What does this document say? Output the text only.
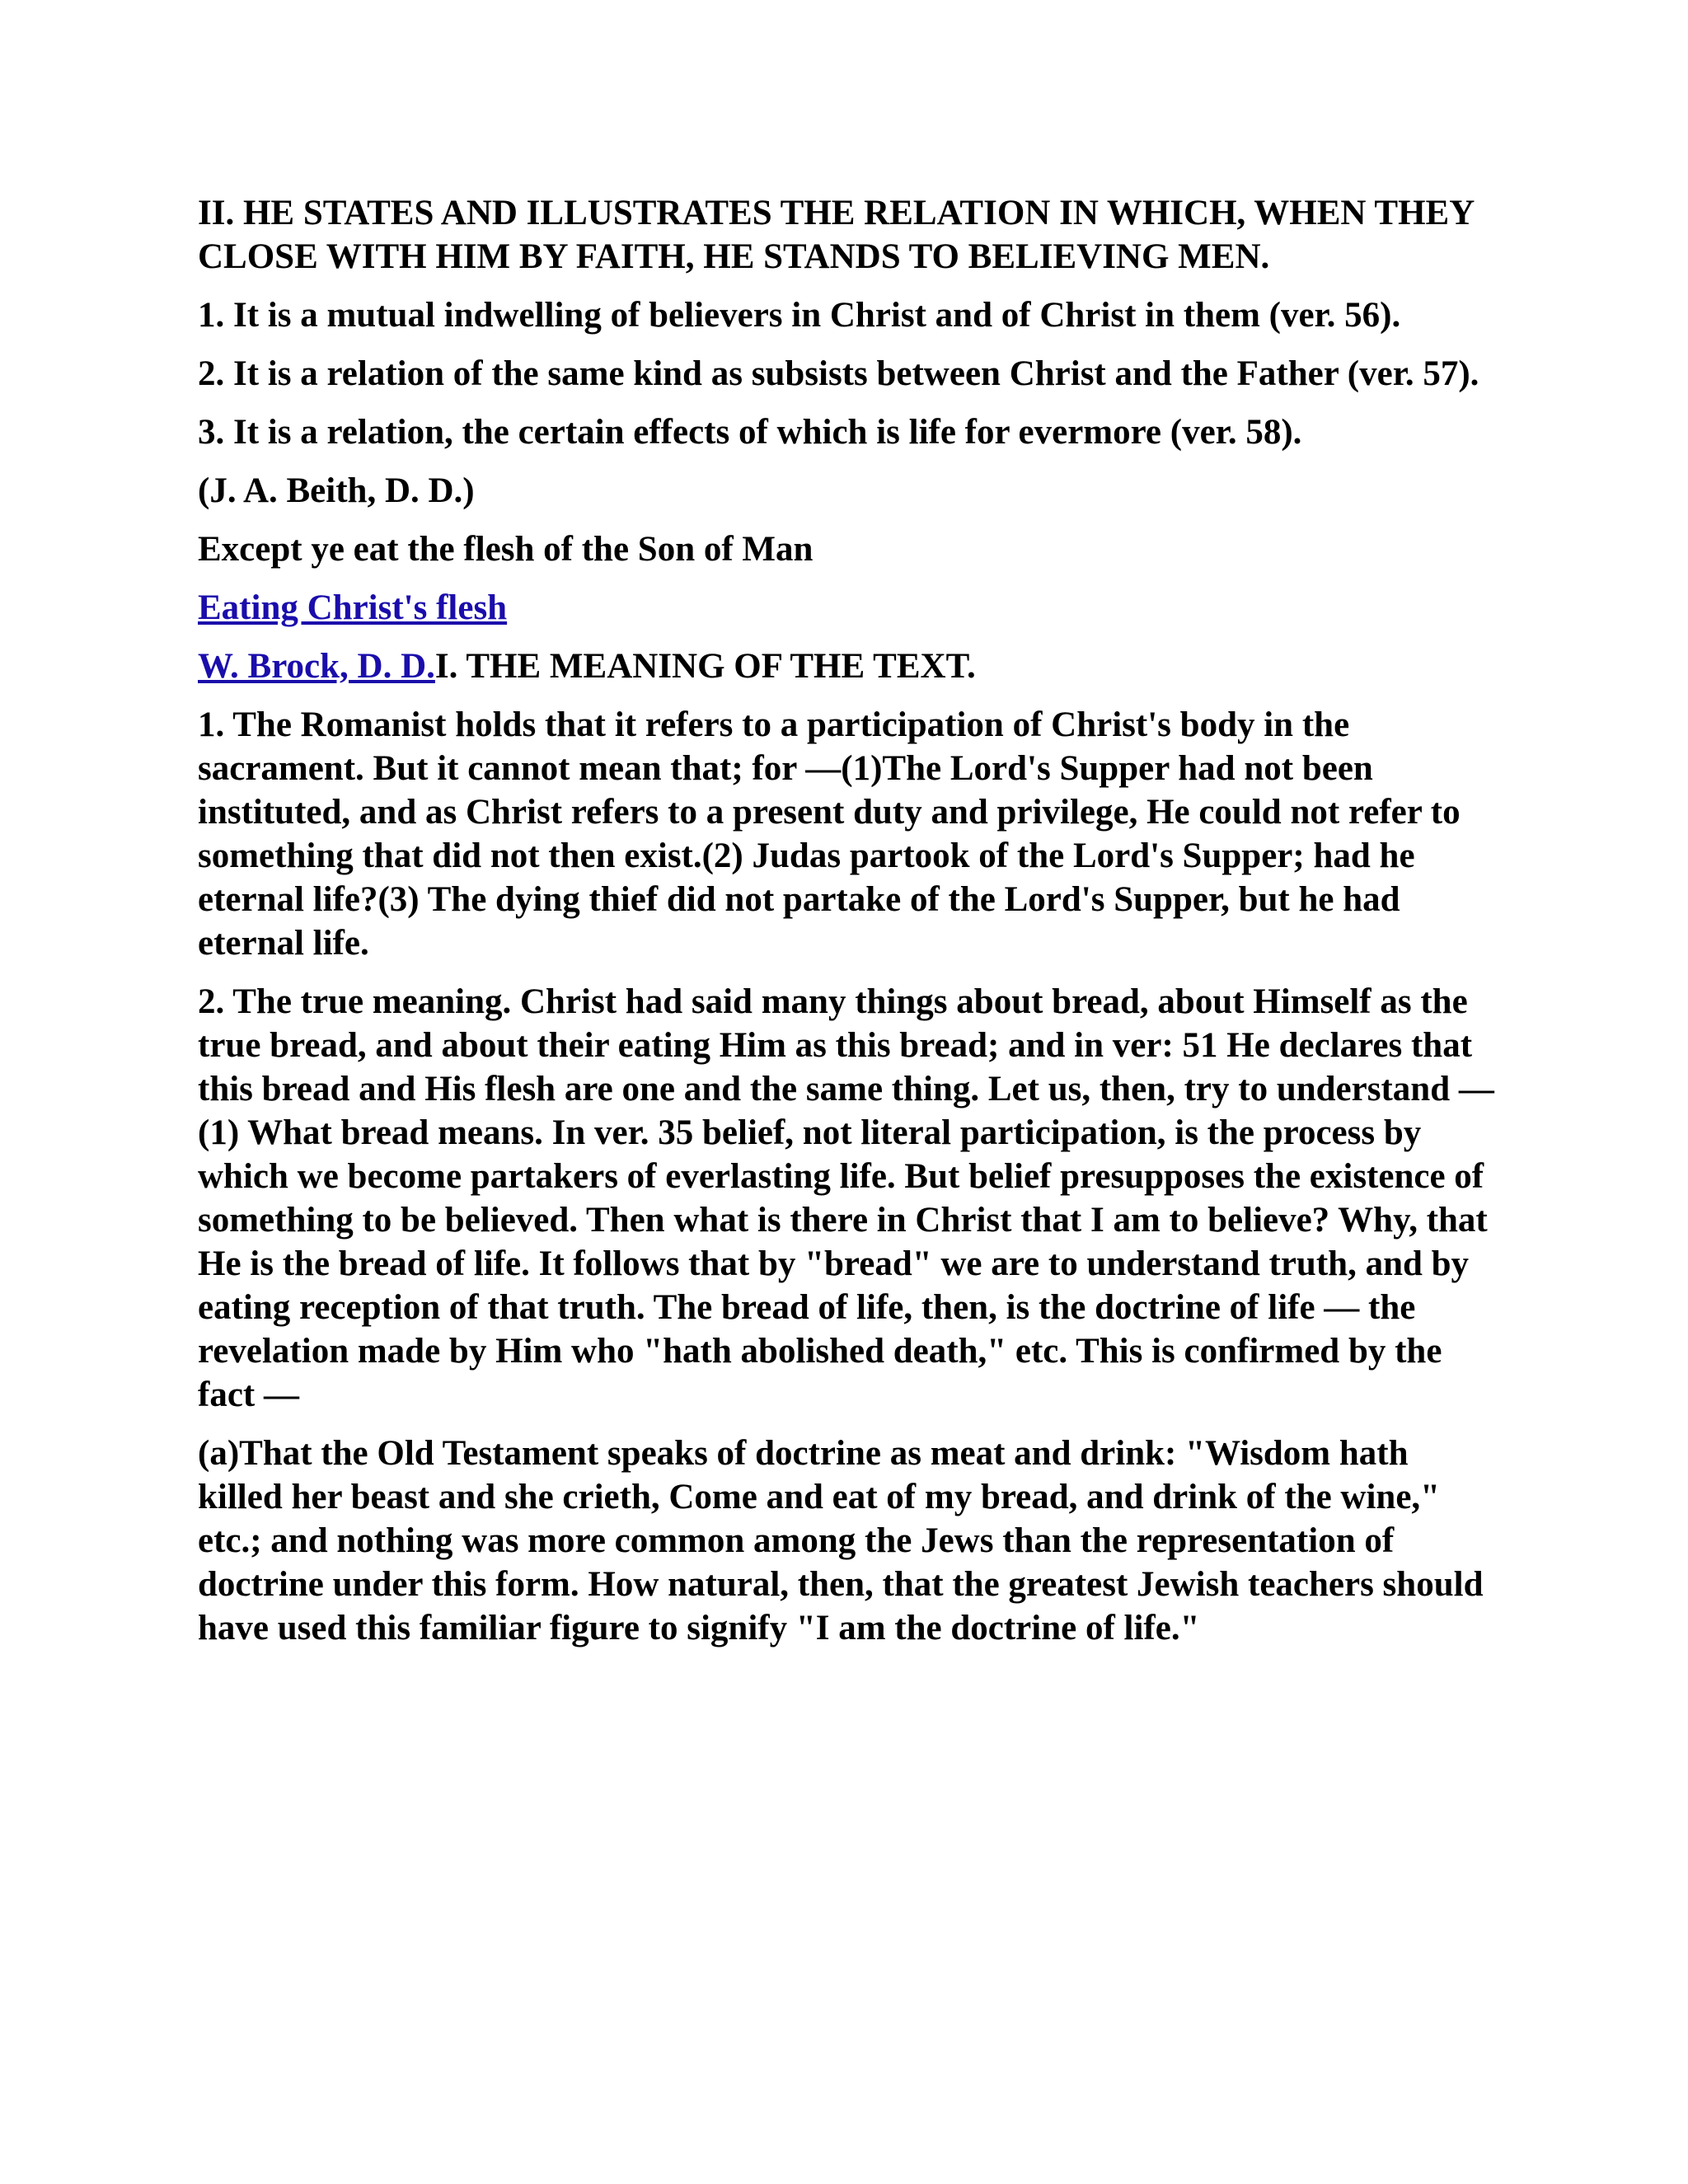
II. HE STATES AND ILLUSTRATES THE RELATION IN WHICH, WHEN THEY CLOSE WITH HIM BY FAITH, HE STANDS TO BELIEVING MEN.

1. It is a mutual indwelling of believers in Christ and of Christ in them (ver. 56).

2. It is a relation of the same kind as subsists between Christ and the Father (ver. 57).

3. It is a relation, the certain effects of which is life for evermore (ver. 58).

(J. A. Beith, D. D.)

Except ye eat the flesh of the Son of Man

Eating Christ's flesh

W. Brock, D. D.I. THE MEANING OF THE TEXT.

1. The Romanist holds that it refers to a participation of Christ's body in the sacrament. But it cannot mean that; for —(1)The Lord's Supper had not been instituted, and as Christ refers to a present duty and privilege, He could not refer to something that did not then exist.(2) Judas partook of the Lord's Supper; had he eternal life?(3) The dying thief did not partake of the Lord's Supper, but he had eternal life.

2. The true meaning. Christ had said many things about bread, about Himself as the true bread, and about their eating Him as this bread; and in ver: 51 He declares that this bread and His flesh are one and the same thing. Let us, then, try to understand —(1) What bread means. In ver. 35 belief, not literal participation, is the process by which we become partakers of everlasting life. But belief presupposes the existence of something to be believed. Then what is there in Christ that I am to believe? Why, that He is the bread of life. It follows that by "bread" we are to understand truth, and by eating reception of that truth. The bread of life, then, is the doctrine of life — the revelation made by Him who "hath abolished death," etc. This is confirmed by the fact —

(a)That the Old Testament speaks of doctrine as meat and drink: "Wisdom hath killed her beast and she crieth, Come and eat of my bread, and drink of the wine," etc.; and nothing was more common among the Jews than the representation of doctrine under this form. How natural, then, that the greatest Jewish teachers should have used this familiar figure to signify "I am the doctrine of life."
